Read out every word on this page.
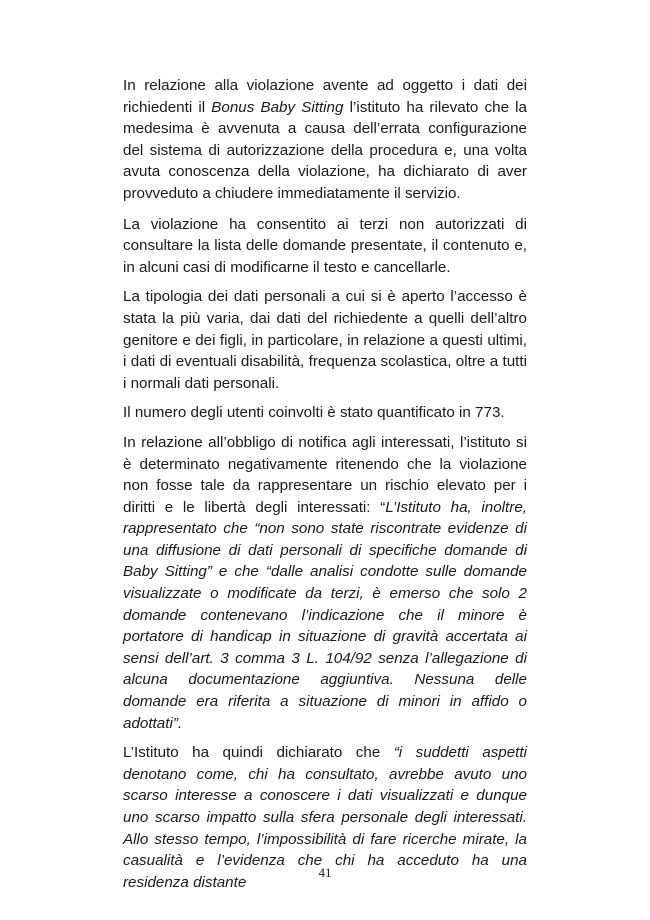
In relazione alla violazione avente ad oggetto i dati dei richiedenti il Bonus Baby Sitting l’istituto ha rilevato che la medesima è avvenuta a causa dell’errata configurazione del sistema di autorizzazione della procedura e, una volta avuta conoscenza della violazione, ha dichiarato di aver provveduto a chiudere immediatamente il servizio.

La violazione ha consentito ai terzi non autorizzati di consultare la lista delle domande presentate, il contenuto e, in alcuni casi di modificarne il testo e cancellarle.

La tipologia dei dati personali a cui si è aperto l’accesso è stata la più varia, dai dati del richiedente a quelli dell’altro genitore e dei figli, in particolare, in relazione a questi ultimi, i dati di eventuali disabilità, frequenza scolastica, oltre a tutti i normali dati personali.

Il numero degli utenti coinvolti è stato quantificato in 773.

In relazione all’obbligo di notifica agli interessati, l’istituto si è determinato negativamente ritenendo che la violazione non fosse tale da rappresentare un rischio elevato per i diritti e le libertà degli interessati: “L’Istituto ha, inoltre, rappresentato che “non sono state riscontrate evidenze di una diffusione di dati personali di specifiche domande di Baby Sitting” e che “dalle analisi condotte sulle domande visualizzate o modificate da terzi, è emerso che solo 2 domande contenevano l’indicazione che il minore è portatore di handicap in situazione di gravità accertata ai sensi dell’art. 3 comma 3 L. 104/92 senza l’allegazione di alcuna documentazione aggiuntiva. Nessuna delle domande era riferita a situazione di minori in affido o adottati”.

L’Istituto ha quindi dichiarato che “i suddetti aspetti denotano come, chi ha consultato, avrebbe avuto uno scarso interesse a conoscere i dati visualizzati e dunque uno scarso impatto sulla sfera personale degli interessati. Allo stesso tempo, l’impossibilità di fare ricerche mirate, la casualità e l’evidenza che chi ha acceduto ha una residenza distante

41
